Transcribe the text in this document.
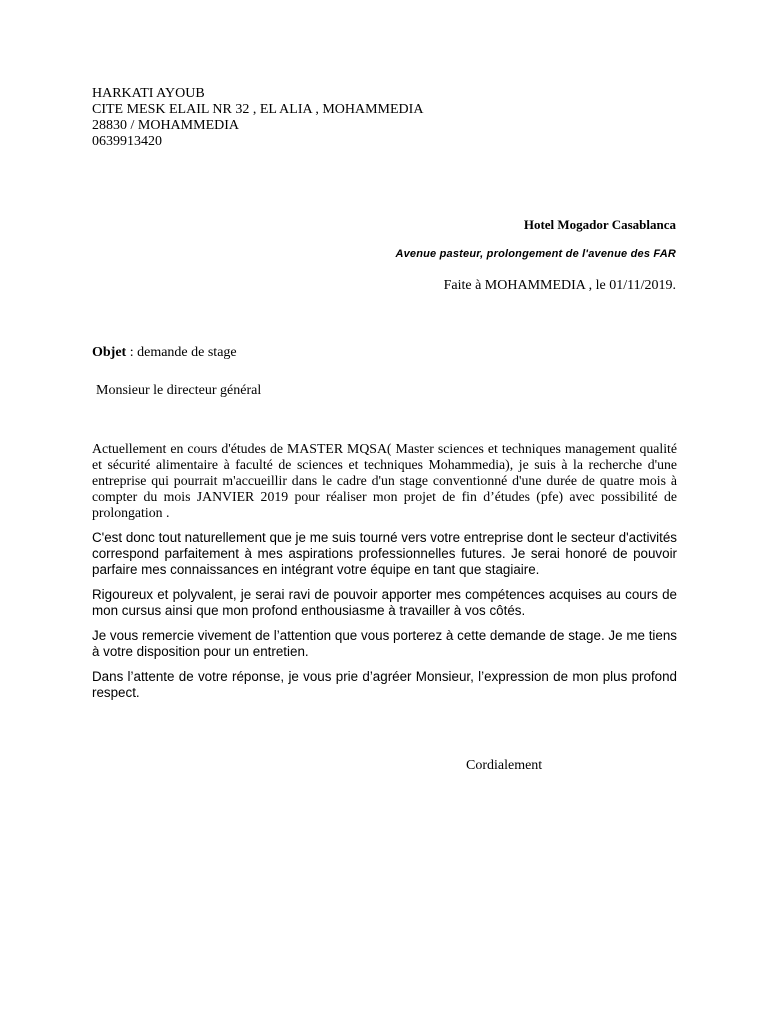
HARKATI AYOUB
CITE MESK ELAIL NR 32 , EL ALIA , MOHAMMEDIA
28830 / MOHAMMEDIA
0639913420
Hotel Mogador Casablanca
Avenue pasteur, prolongement de l'avenue des FAR
Faite à MOHAMMEDIA , le 01/11/2019.
Objet : demande de stage
Monsieur le directeur général

Actuellement en cours d'études de MASTER MQSA( Master sciences et techniques management qualité et sécurité alimentaire à faculté de sciences et techniques Mohammedia), je suis à la recherche d'une entreprise qui pourrait m'accueillir dans le cadre d'un stage conventionné d'une durée de quatre mois à compter du mois JANVIER 2019 pour réaliser mon projet de fin d’études (pfe) avec possibilité de prolongation .

C'est donc tout naturellement que je me suis tourné vers votre entreprise dont le secteur d'activités correspond parfaitement à mes aspirations professionnelles futures. Je serai honoré de pouvoir parfaire mes connaissances en intégrant votre équipe en tant que stagiaire.

Rigoureux et polyvalent, je serai ravi de pouvoir apporter mes compétences acquises au cours de mon cursus ainsi que mon profond enthousiasme à travailler à vos côtés.

Je vous remercie vivement de l’attention que vous porterez à cette demande de stage. Je me tiens à votre disposition pour un entretien.

Dans l’attente de votre réponse, je vous prie d’agréer Monsieur, l’expression de mon plus profond respect.

Cordialement
